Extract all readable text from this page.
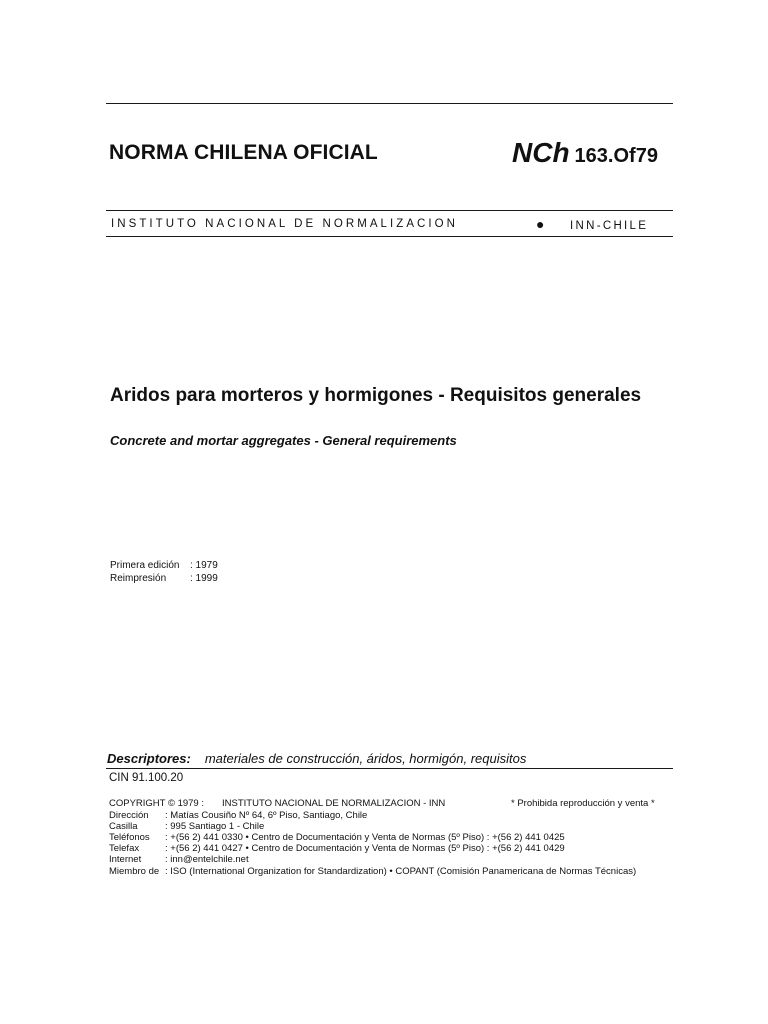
NORMA CHILENA OFICIAL	NCh 163.Of79
INSTITUTO NACIONAL DE NORMALIZACION	● INN-CHILE
Aridos para morteros y hormigones - Requisitos generales
Concrete and mortar aggregates - General requirements
Primera edición : 1979
Reimpresión : 1999
Descriptores: materiales de construcción, áridos, hormigón, requisitos
CIN 91.100.20
* Prohibida reproducción y venta *
COPYRIGHT © 1979 : INSTITUTO NACIONAL DE NORMALIZACION - INN
Dirección : Matías Cousiño Nº 64, 6º Piso, Santiago, Chile
Casilla	: 995 Santiago 1 - Chile
Teléfonos : +(56 2) 441 0330 • Centro de Documentación y Venta de Normas (5º Piso) : +(56 2) 441 0425
Telefax	: +(56 2) 441 0427 • Centro de Documentación y Venta de Normas (5º Piso) : +(56 2) 441 0429
Internet	: inn@entelchile.net
Miembro de : ISO (International Organization for Standardization) • COPANT (Comisión Panamericana de Normas Técnicas)
